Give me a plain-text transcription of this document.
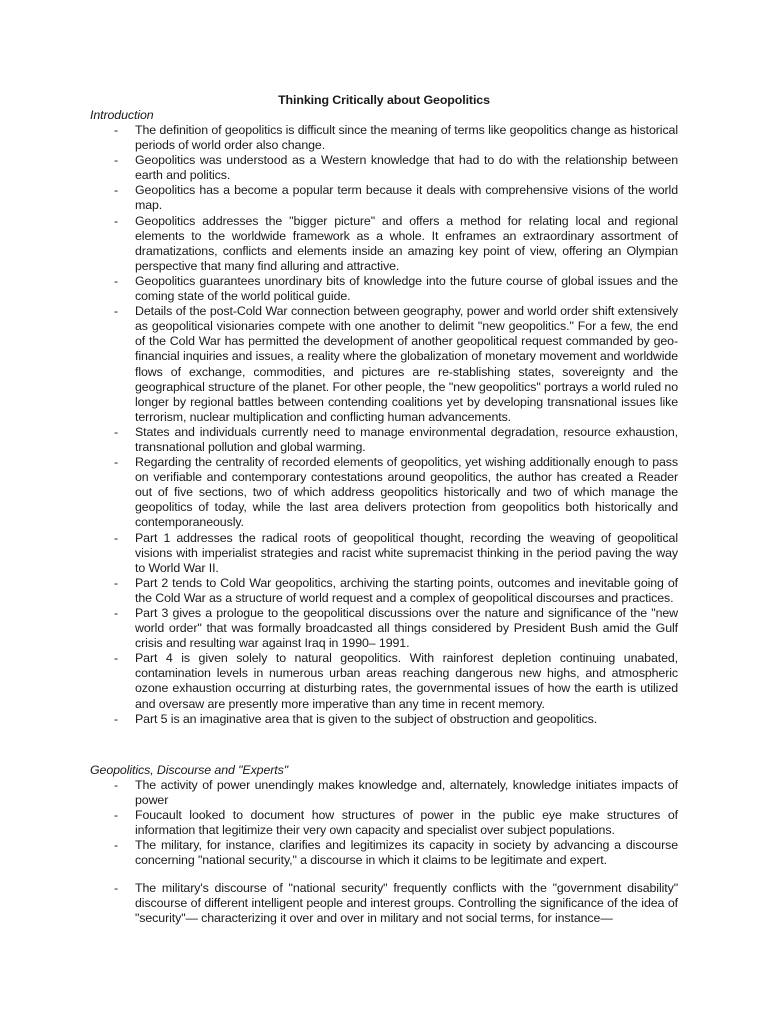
Thinking Critically about Geopolitics
Introduction
- The definition of geopolitics is difficult since the meaning of terms like geopolitics change as historical periods of world order also change.
- Geopolitics was understood as a Western knowledge that had to do with the relationship between earth and politics.
- Geopolitics has a become a popular term because it deals with comprehensive visions of the world map.
- Geopolitics addresses the "bigger picture" and offers a method for relating local and regional elements to the worldwide framework as a whole. It enframes an extraordinary assortment of dramatizations, conflicts and elements inside an amazing key point of view, offering an Olympian perspective that many find alluring and attractive.
- Geopolitics guarantees unordinary bits of knowledge into the future course of global issues and the coming state of the world political guide.
- Details of the post-Cold War connection between geography, power and world order shift extensively as geopolitical visionaries compete with one another to delimit "new geopolitics." For a few, the end of the Cold War has permitted the development of another geopolitical request commanded by geo-financial inquiries and issues, a reality where the globalization of monetary movement and worldwide flows of exchange, commodities, and pictures are re-stablishing states, sovereignty and the geographical structure of the planet. For other people, the "new geopolitics" portrays a world ruled no longer by regional battles between contending coalitions yet by developing transnational issues like terrorism, nuclear multiplication and conflicting human advancements.
- States and individuals currently need to manage environmental degradation, resource exhaustion, transnational pollution and global warming.
- Regarding the centrality of recorded elements of geopolitics, yet wishing additionally enough to pass on verifiable and contemporary contestations around geopolitics, the author has created a Reader out of five sections, two of which address geopolitics historically and two of which manage the geopolitics of today, while the last area delivers protection from geopolitics both historically and contemporaneously.
- Part 1 addresses the radical roots of geopolitical thought, recording the weaving of geopolitical visions with imperialist strategies and racist white supremacist thinking in the period paving the way to World War II.
- Part 2 tends to Cold War geopolitics, archiving the starting points, outcomes and inevitable going of the Cold War as a structure of world request and a complex of geopolitical discourses and practices.
- Part 3 gives a prologue to the geopolitical discussions over the nature and significance of the "new world order" that was formally broadcasted all things considered by President Bush amid the Gulf crisis and resulting war against Iraq in 1990– 1991.
- Part 4 is given solely to natural geopolitics. With rainforest depletion continuing unabated, contamination levels in numerous urban areas reaching dangerous new highs, and atmospheric ozone exhaustion occurring at disturbing rates, the governmental issues of how the earth is utilized and oversaw are presently more imperative than any time in recent memory.
- Part 5 is an imaginative area that is given to the subject of obstruction and geopolitics.
Geopolitics, Discourse and "Experts"
- The activity of power unendingly makes knowledge and, alternately, knowledge initiates impacts of power
- Foucault looked to document how structures of power in the public eye make structures of information that legitimize their very own capacity and specialist over subject populations.
- The military, for instance, clarifies and legitimizes its capacity in society by advancing a discourse concerning "national security," a discourse in which it claims to be legitimate and expert.
- The military's discourse of "national security" frequently conflicts with the "government disability" discourse of different intelligent people and interest groups. Controlling the significance of the idea of "security"— characterizing it over and over in military and not social terms, for instance—
